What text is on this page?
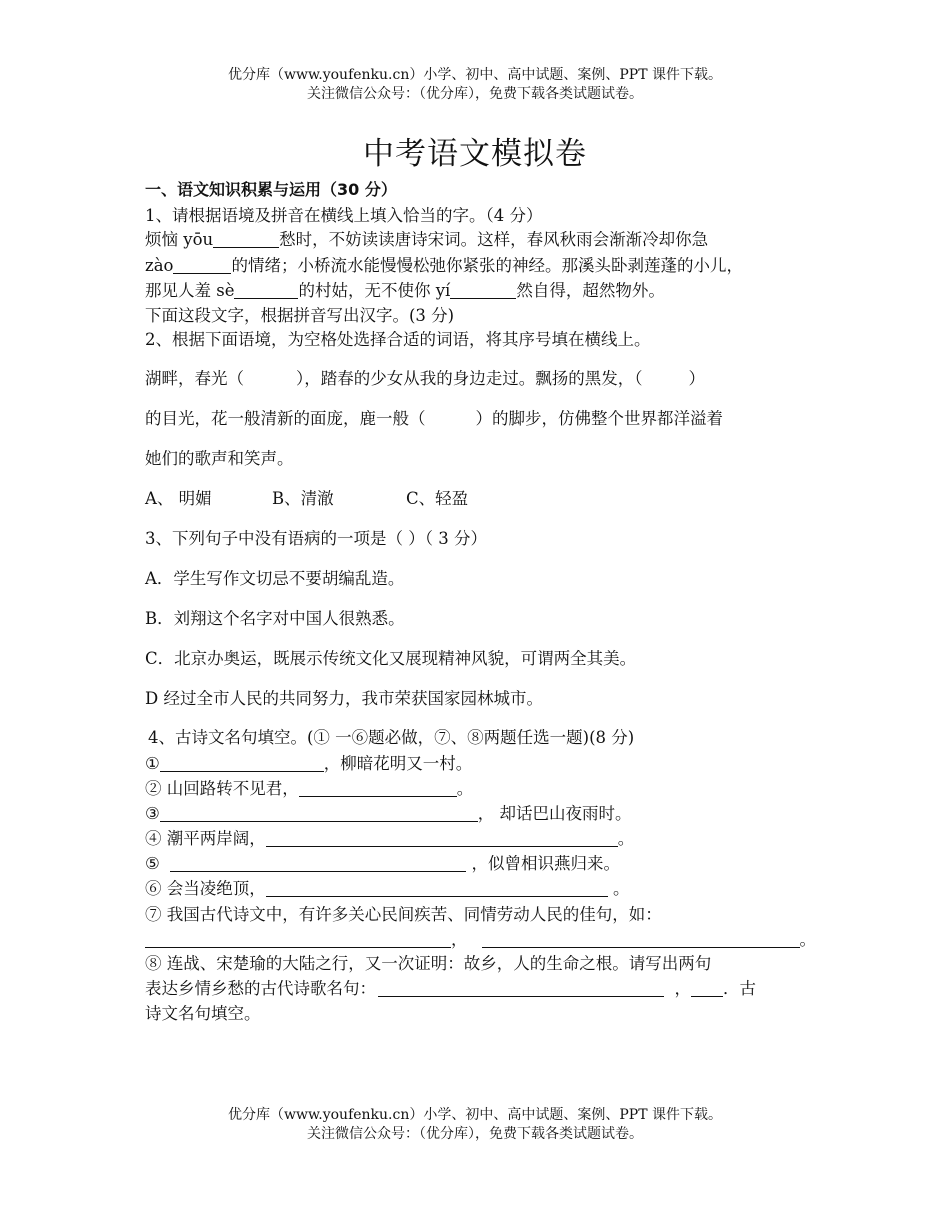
优分库（www.youfenku.cn）小学、初中、高中试题、案例、PPT 课件下载。
关注微信公众号：（优分库），免费下载各类试题试卷。
中考语文模拟卷
一、语文知识积累与运用（30 分）
1、请根据语境及拼音在横线上填入恰当的字。（4 分）
烦恼 yōu	愁时，不妨读读唐诗宋词。这样，春风秋雨会渐渐冷却你急
zào	的情绪；小桥流水能慢慢松弛你紧张的神经。那溪头卧剥莲蓬的小儿，
那见人羞 sè	的村姑，无不使你 yí	然自得，超然物外。
下面这段文字，根据拼音写出汉字。(3 分)
2、根据下面语境，为空格处选择合适的词语，将其序号填在横线上。
湖畔，春光（	），踏春的少女从我的身边走过。飘扬的黑发，（	）
的目光，花一般清新的面庞，鹿一般（	）的脚步，仿佛整个世界都洋溢着
她们的歌声和笑声。
A、 明媚	B、清澈	C、轻盈
3、下列句子中没有语病的一项是（ ）（ 3 分）
A．学生写作文切忌不要胡编乱造。
B．刘翔这个名字对中国人很熟悉。
C．北京办奥运，既展示传统文化又展现精神风貌，可谓两全其美。
D 经过全市人民的共同努力，我市荣获国家园林城市。
4、古诗文名句填空。(① 一⑥题必做，⑦、⑧两题任选一题)(8 分)
①	，柳暗花明又一村。
② 山回路转不见君，	。
③	， 却话巴山夜雨时。
④ 潮平两岸阔，	。
⑤	，似曾相识燕归来。
⑥ 会当凌绝顶，	。
⑦ 我国古代诗文中，有许多关心民间疾苦、同情劳动人民的佳句，如：
，	。
⑧ 连战、宋楚瑜的大陆之行，又一次证明：故乡，人的生命之根。请写出两句
表达乡情乡愁的古代诗歌名句：	， ．古
诗文名句填空。
优分库（www.youfenku.cn）小学、初中、高中试题、案例、PPT 课件下载。
关注微信公众号：（优分库），免费下载各类试题试卷。
